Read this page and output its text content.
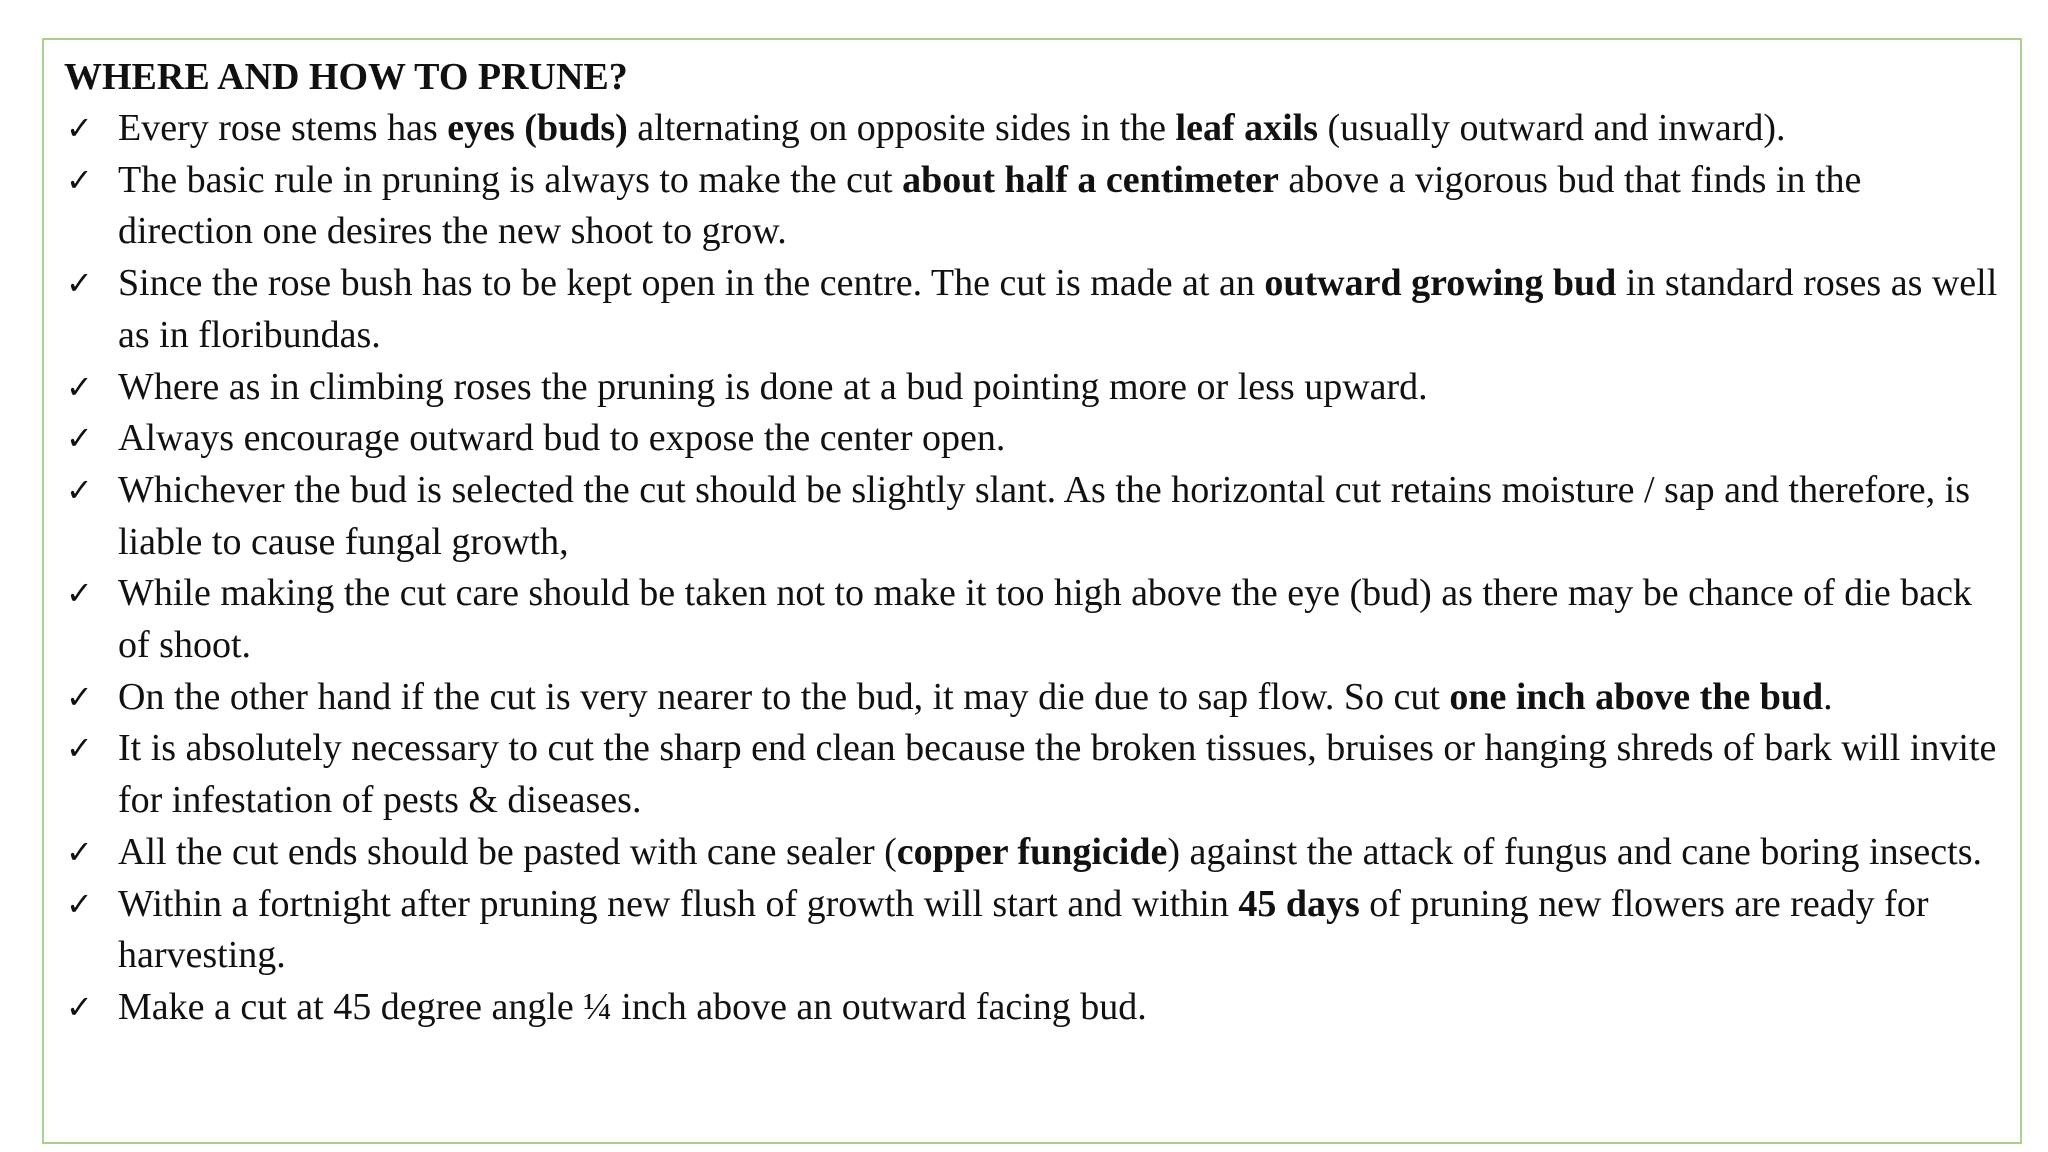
WHERE AND HOW TO PRUNE?
✓ Every rose stems has eyes (buds) alternating on opposite sides in the leaf axils (usually outward and inward).
✓ The basic rule in pruning is always to make the cut about half a centimeter above a vigorous bud that finds in the direction one desires the new shoot to grow.
✓ Since the rose bush has to be kept open in the centre. The cut is made at an outward growing bud in standard roses as well as in floribundas.
✓ Where as in climbing roses the pruning is done at a bud pointing more or less upward.
✓ Always encourage outward bud to expose the center open.
✓ Whichever the bud is selected the cut should be slightly slant. As the horizontal cut retains moisture / sap and therefore, is liable to cause fungal growth,
✓ While making the cut care should be taken not to make it too high above the eye (bud) as there may be chance of die back of shoot.
✓ On the other hand if the cut is very nearer to the bud, it may die due to sap flow. So cut one inch above the bud.
✓ It is absolutely necessary to cut the sharp end clean because the broken tissues, bruises or hanging shreds of bark will invite for infestation of pests & diseases.
✓ All the cut ends should be pasted with cane sealer (copper fungicide) against the attack of fungus and cane boring insects.
✓ Within a fortnight after pruning new flush of growth will start and within 45 days of pruning new flowers are ready for harvesting.
✓ Make a cut at 45 degree angle ¼ inch above an outward facing bud.
